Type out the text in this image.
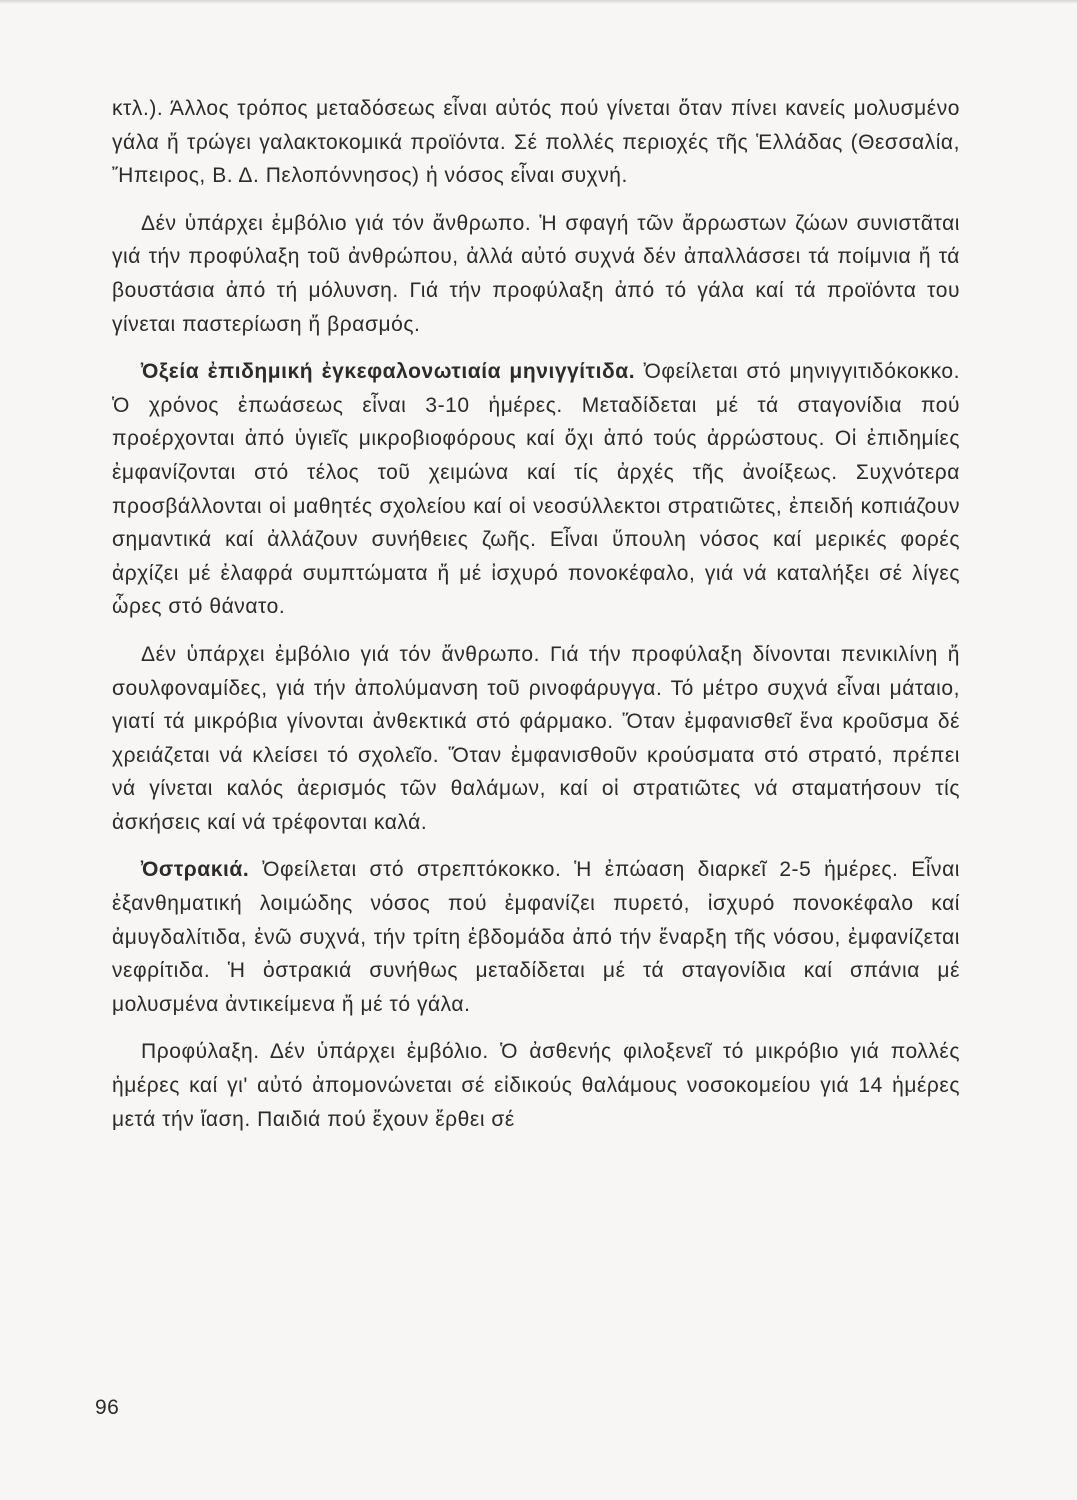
κτλ.). Άλλος τρόπος μεταδόσεως εἶναι αὐτός πού γίνεται ὅταν πίνει κανείς μολυσμένο γάλα ἤ τρώγει γαλακτοκομικά προϊόντα. Σέ πολλές περιοχές τῆς Ἑλλάδας (Θεσσαλία, Ἤπειρος, Β. Δ. Πελοπόννησος) ἡ νόσος εἶναι συχνή.

Δέν ὑπάρχει ἐμβόλιο γιά τόν ἄνθρωπο. Ἡ σφαγή τῶν ἄρρωστων ζώων συνιστᾶται γιά τήν προφύλαξη τοῦ ἀνθρώπου, ἀλλά αὐτό συχνά δέν ἀπαλλάσσει τά ποίμνια ἤ τά βουστάσια ἀπό τή μόλυνση. Γιά τήν προφύλαξη ἀπό τό γάλα καί τά προϊόντα του γίνεται παστερίωση ἤ βρασμός.

Ὀξεία ἐπιδημική ἐγκεφαλονωτιαία μηνιγγίτιδα. Ὀφείλεται στό μηνιγγιτιδόκοκκο. Ὁ χρόνος ἐπωάσεως εἶναι 3-10 ἡμέρες. Μεταδίδεται μέ τά σταγονίδια πού προέρχονται ἀπό ὑγιεῖς μικροβιοφόρους καί ὄχι ἀπό τούς ἀρρώστους. Οἱ ἐπιδημίες ἐμφανίζονται στό τέλος τοῦ χειμώνα καί τίς ἀρχές τῆς ἀνοίξεως. Συχνότερα προσβάλλονται οἱ μαθητές σχολείου καί οἱ νεοσύλλεκτοι στρατιῶτες, ἐπειδή κοπιάζουν σημαντικά καί ἀλλάζουν συνήθειες ζωῆς. Εἶναι ὕπουλη νόσος καί μερικές φορές ἀρχίζει μέ ἐλαφρά συμπτώματα ἤ μέ ἰσχυρό πονοκέφαλο, γιά νά καταλήξει σέ λίγες ὧρες στό θάνατο.

Δέν ὑπάρχει ἐμβόλιο γιά τόν ἄνθρωπο. Γιά τήν προφύλαξη δίνονται πενικιλίνη ἤ σουλφοναμίδες, γιά τήν ἀπολύμανση τοῦ ρινοφάρυγγα. Τό μέτρο συχνά εἶναι μάταιο, γιατί τά μικρόβια γίνονται ἀνθεκτικά στό φάρμακο. Ὅταν ἐμφανισθεῖ ἕνα κροῦσμα δέ χρειάζεται νά κλείσει τό σχολεῖο. Ὅταν ἐμφανισθοῦν κρούσματα στό στρατό, πρέπει νά γίνεται καλός ἀερισμός τῶν θαλάμων, καί οἱ στρατιῶτες νά σταματήσουν τίς ἀσκήσεις καί νά τρέφονται καλά.

Ὀστρακιά. Ὀφείλεται στό στρεπτόκοκκο. Ἡ ἐπώαση διαρκεῖ 2-5 ἡμέρες. Εἶναι ἐξανθηματική λοιμώδης νόσος πού ἐμφανίζει πυρετό, ἰσχυρό πονοκέφαλο καί ἀμυγδαλίτιδα, ἐνῶ συχνά, τήν τρίτη ἑβδομάδα ἀπό τήν ἔναρξη τῆς νόσου, ἐμφανίζεται νεφρίτιδα. Ἡ ὀστρακιά συνήθως μεταδίδεται μέ τά σταγονίδια καί σπάνια μέ μολυσμένα ἀντικείμενα ἤ μέ τό γάλα.

Προφύλαξη. Δέν ὑπάρχει ἐμβόλιο. Ὁ ἀσθενής φιλοξενεῖ τό μικρόβιο γιά πολλές ἡμέρες καί γι' αὐτό ἀπομονώνεται σέ εἰδικούς θαλάμους νοσοκομείου γιά 14 ἡμέρες μετά τήν ἴαση. Παιδιά πού ἔχουν ἔρθει σέ

96
